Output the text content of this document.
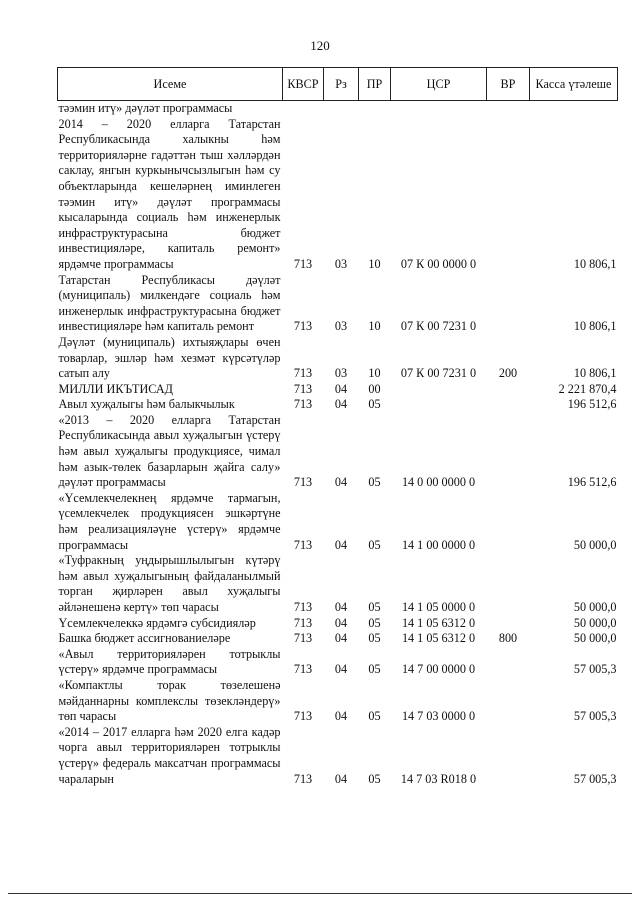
120
Исеме	КВСР	Рз	ПР	ЦСР	ВР	Касса үтәлеше
тәэмин итү» дәүләт программасы						
2014 – 2020 елларга Татарстан Республикасында халыкны һәм территорияләрне гадәттән тыш хәлләрдән саклау, янгын куркынычсызлыгын һәм су объектларында кешеләрнең иминлеген тәэмин итү» дәүләт программасы кысаларында социаль һәм инженерлык инфраструктурасына бюджет инвестицияләре, капиталь ремонт» ярдәмче программасы	713	03	10	07 К 00 0000 0		10 806,1
Татарстан Республикасы дәүләт (муниципаль) милкендәге социаль һәм инженерлык инфраструктурасына бюджет инвестицияләре һәм капиталь ремонт	713	03	10	07 К 00 7231 0		10 806,1
Дәүләт (муниципаль) ихтыяҗлары өчен товарлар, эшләр һәм хезмәт күрсәтүләр сатып алу	713	03	10	07 К 00 7231 0	200	10 806,1
МИЛЛИ ИКЪТИСАД	713	04	00			2 221 870,4
Авыл хуҗалыгы һәм балыкчылык	713	04	05			196 512,6
«2013 – 2020 елларга Татарстан Республикасында авыл хуҗалыгын үстерү һәм авыл хуҗалыгы продукциясе, чимал һәм азык-төлек базарларын җайга салу» дәүләт программасы	713	04	05	14 0 00 0000 0		196 512,6
«Үсемлекчелекнең ярдәмче тармагын, үсемлекчелек продукциясен эшкәртүне һәм реализацияләүне үстерү» ярдәмче программасы	713	04	05	14 1 00 0000 0		50 000,0
«Туфракның уңдырышлылыгын күтәрү һәм авыл хуҗалыгының файдаланылмый торган җирләрен авыл хуҗалыгы әйләнешенә кертү» төп чарасы	713	04	05	14 1 05 0000 0		50 000,0
Үсемлекчелеккә ярдәмгә субсидияләр	713	04	05	14 1 05 6312 0		50 000,0
Башка бюджет ассигнованиеләре	713	04	05	14 1 05 6312 0	800	50 000,0
«Авыл территорияләрен тотрыклы үстерү» ярдәмче программасы	713	04	05	14 7 00 0000 0		57 005,3
«Компактлы торак төзелешенә мәйданнарны комплекслы төзекләндерү» төп чарасы	713	04	05	14 7 03 0000 0		57 005,3
«2014 – 2017 елларга һәм 2020 елга кадәр чорга авыл территорияләрен тотрыклы үстерү» федераль максатчан программасы чараларын	713	04	05	14 7 03 R018 0		57 005,3
